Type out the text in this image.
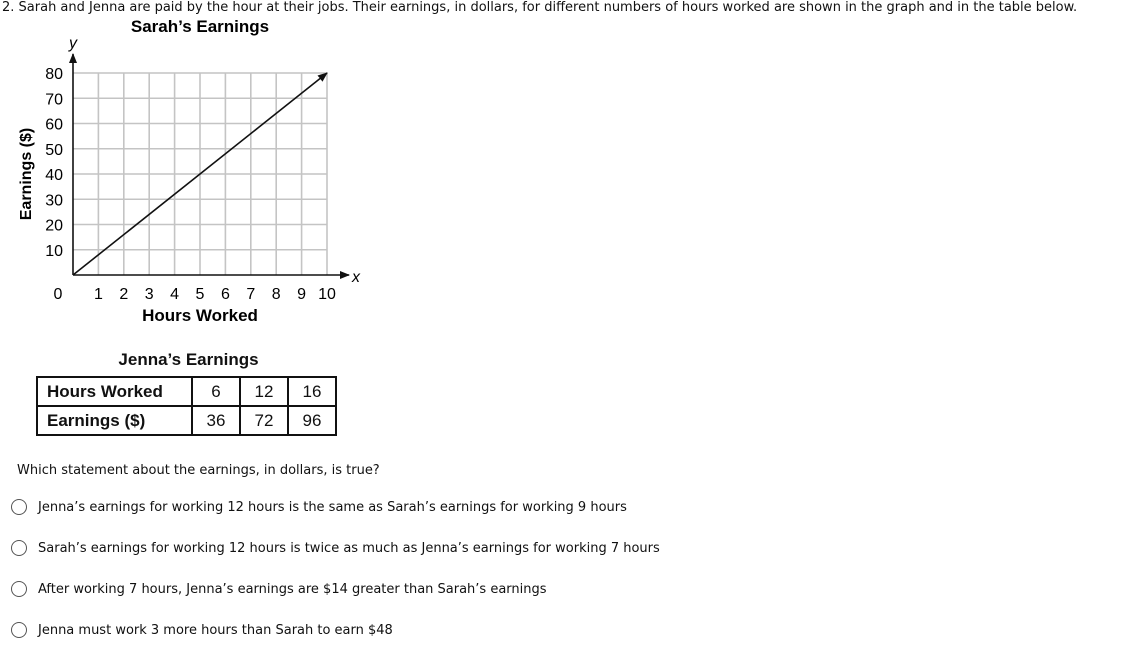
2. Sarah and Jenna are paid by the hour at their jobs. Their earnings, in dollars, for different numbers of hours worked are shown in the graph and in the table below.
Sarah’s Earnings
y
x
0 1 2 3 4 5 6 7 8 9 10
10
20
30
40
50
60
70
80
Hours Worked
Earnings ($)
Jenna’s Earnings
Hours Worked	6	12	16
Earnings ($)	36	72	96
Which statement about the earnings, in dollars, is true?
Jenna’s earnings for working 12 hours is the same as Sarah’s earnings for working 9 hours
Sarah’s earnings for working 12 hours is twice as much as Jenna’s earnings for working 7 hours
After working 7 hours, Jenna’s earnings are $14 greater than Sarah’s earnings
Jenna must work 3 more hours than Sarah to earn $48
